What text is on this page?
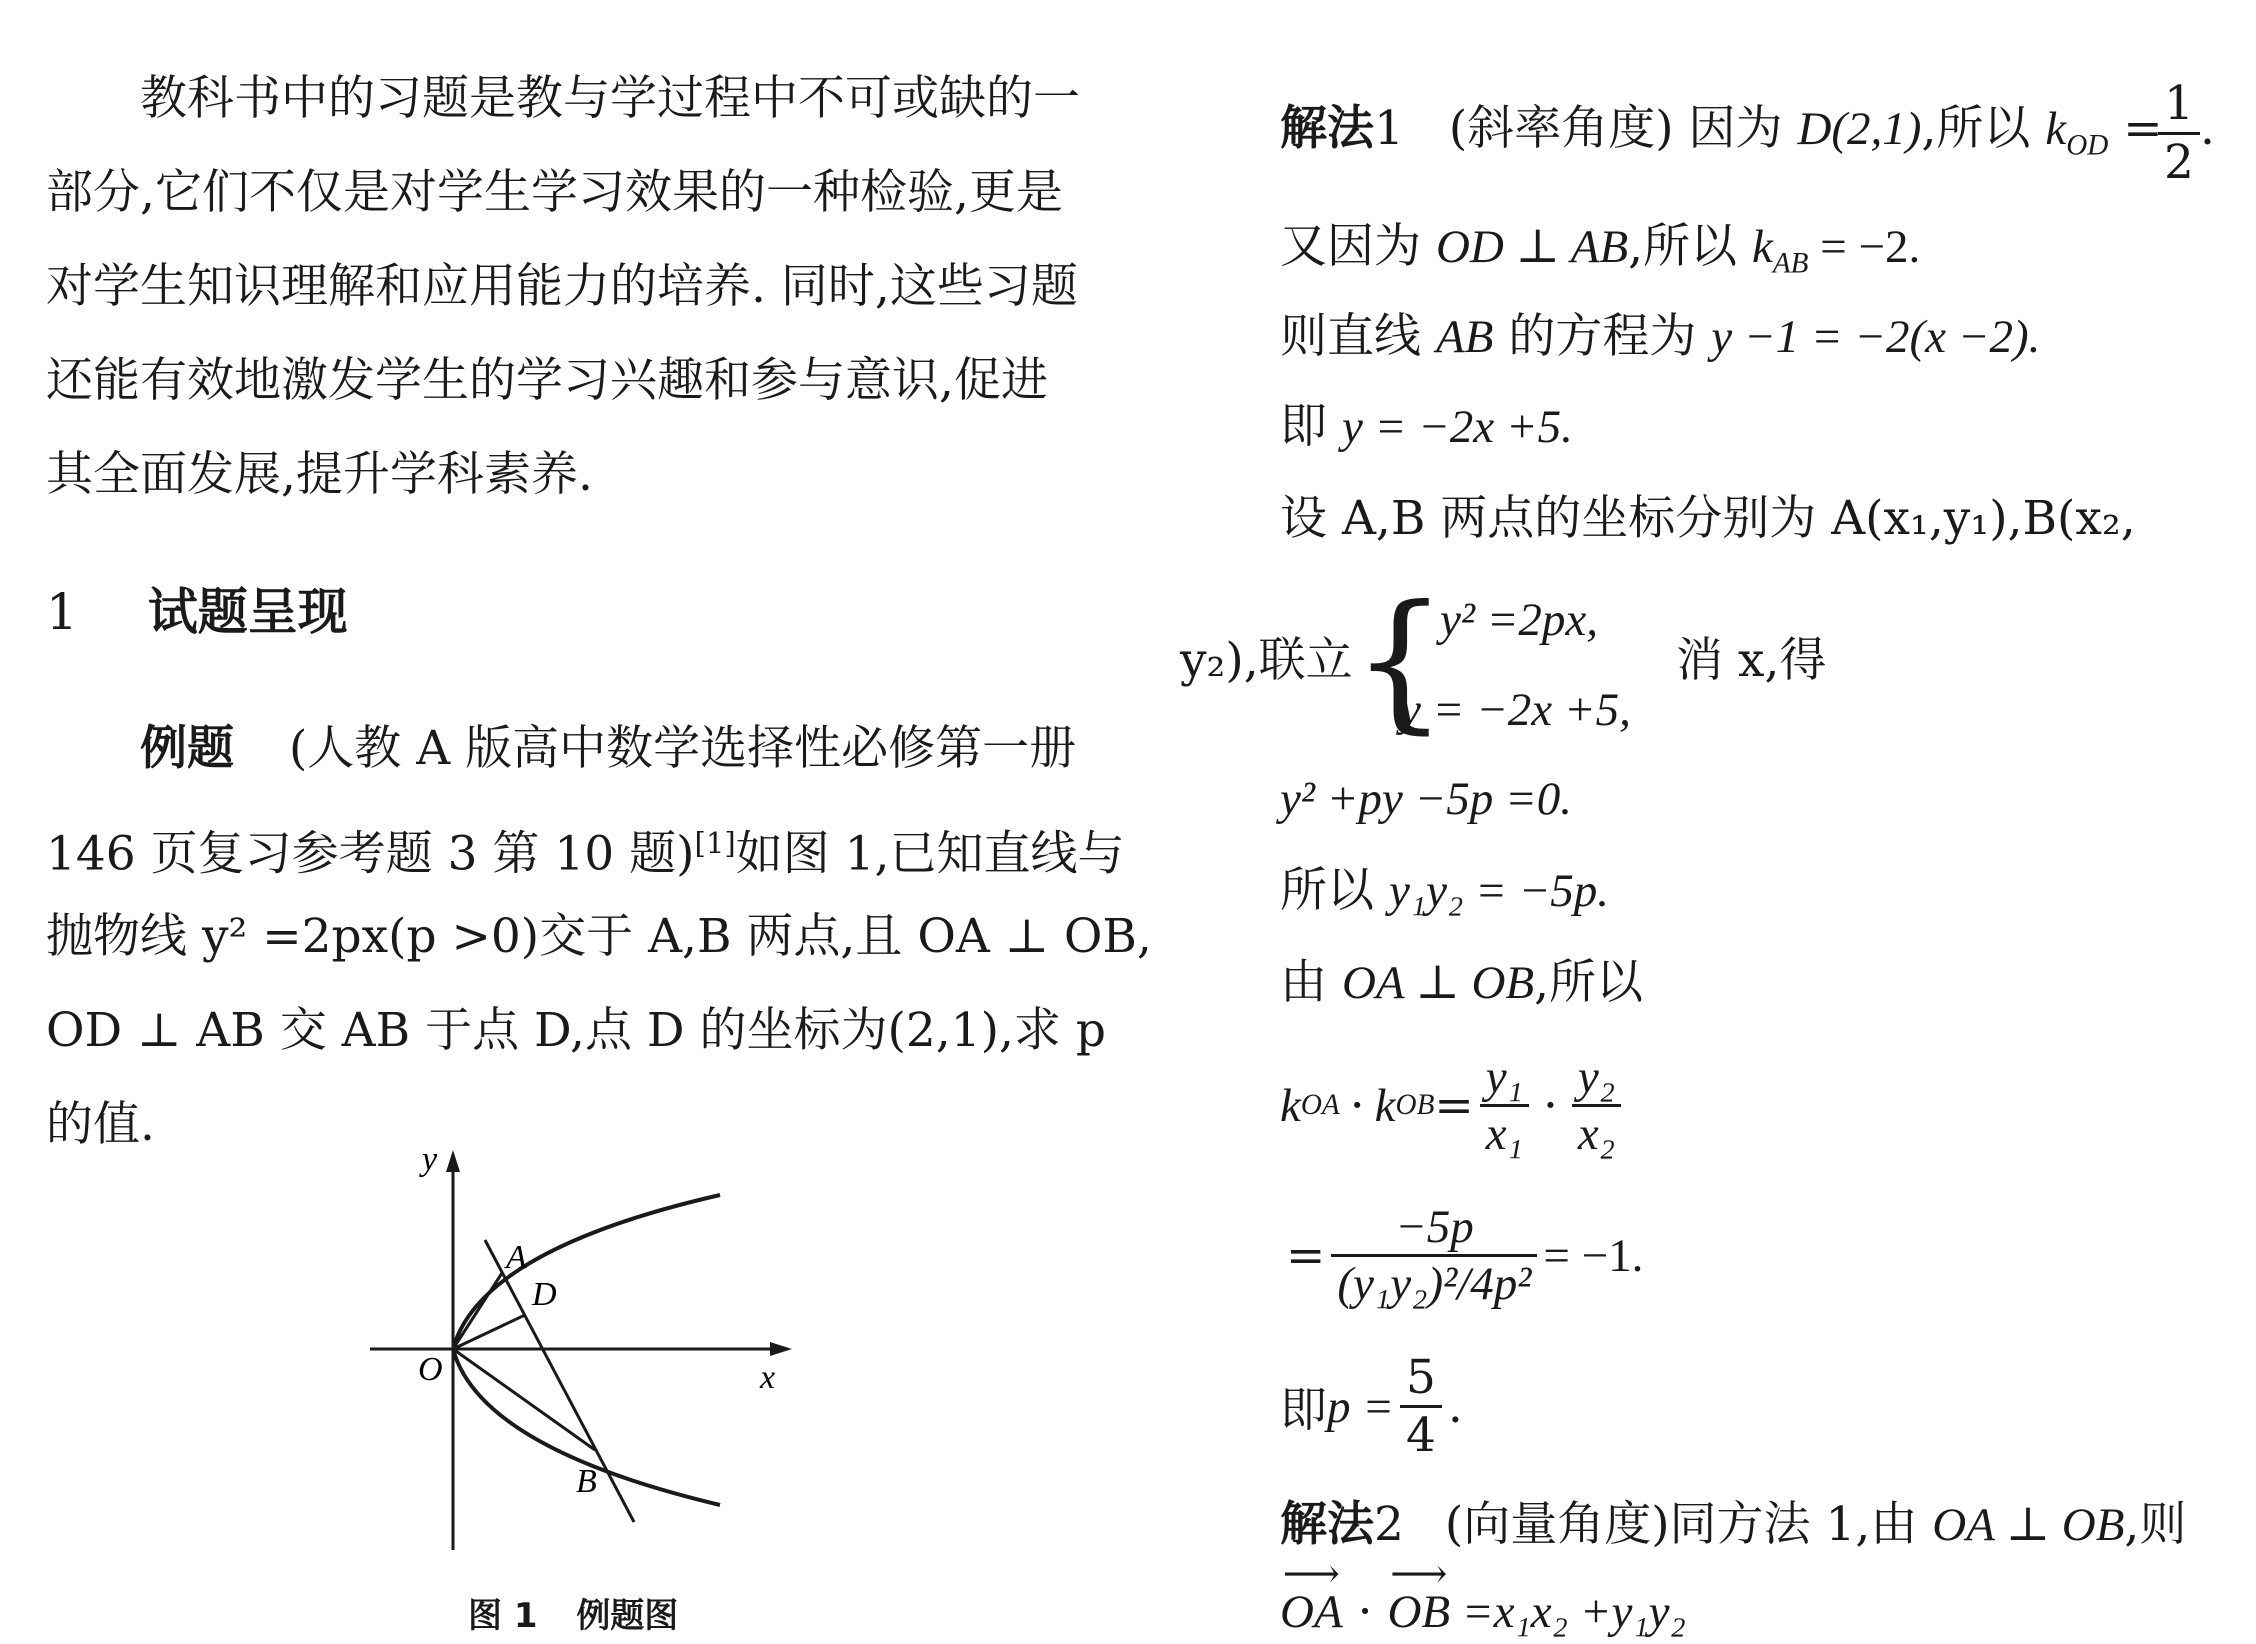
教科书中的习题是教与学过程中不可或缺的一
部分,它们不仅是对学生学习效果的一种检验,更是
对学生知识理解和应用能力的培养. 同时,这些习题
还能有效地激发学生的学习兴趣和参与意识,促进
其全面发展,提升学科素养.
1 试题呈现
例题 (人教 A 版高中数学选择性必修第一册
146 页复习参考题 3 第 10 题)[1]如图 1,已知直线与
抛物线 y² =2px(p >0)交于 A,B 两点,且 OA ⊥ OB,
OD ⊥ AB 交 AB 于点 D,点 D 的坐标为(2,1),求 p
的值.
y
x
O
A
D
B
图 1 例题图
解法1 (斜率角度) 因为 D(2,1),所以 $k_{OD}$ =
$\frac{1}{2}$ .
又因为 OD ⊥ AB,所以 $k_{AB} = -2$.
则直线 AB 的方程为 y −1 = −2(x −2).
即 y = −2x +5.
设 A,B 两点的坐标分别为 A(x₁,y₁),B(x₂,
y₂),联立 {
y² =2px,
y = −2x +5,
消 x,得
y² +py −5p =0.
所以 y₁y₂ = −5p.
由 OA ⊥ OB,所以
k OA · k OB = $\frac{\text{y₁}}{\text{x₁}} \cdot \frac{\text{y₂}}{\text{x₂}}$
= $\frac{-5p}{\text{(y₁y₂)²/4p²}} = -1$.
即 $p = \frac{5}{4}$ .
解法2 (向量角度)同方法 1,由 OA ⊥ OB,则
⟶ OA · ⟶ OB =x₁x₂ +y₁y₂
